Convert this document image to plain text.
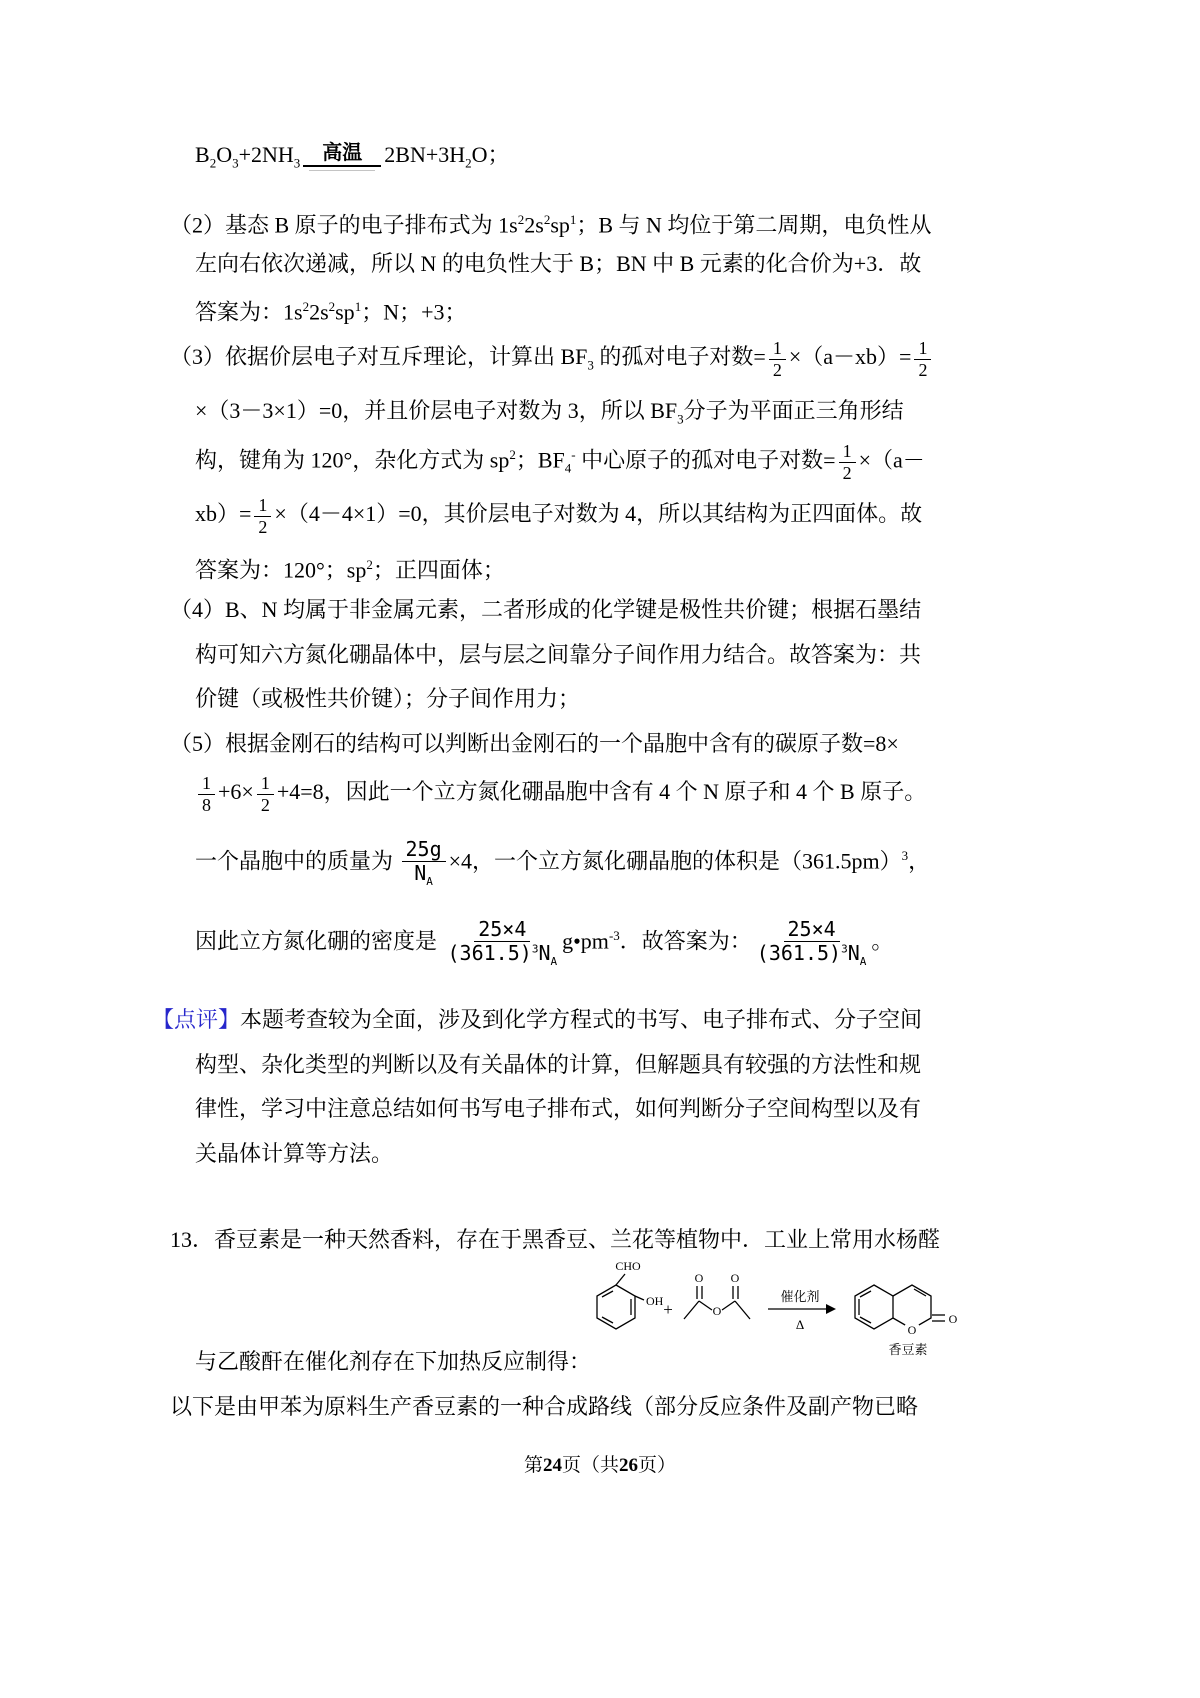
$B_2O_3+2NH_3$ 高温 $2BN+3H_2O$；
（2）基态 B 原子的电子排布式为 $1s^22s^2sp^1$；B 与 N 均位于第二周期，电负性从
左向右依次递减，所以 N 的电负性大于 B；BN 中 B 元素的化合价为+3．故
答案为：$1s^22s^2sp^1$；N；+3；
（3）依据价层电子对互斥理论，计算出 $BF_3$ 的孤对电子对数= $\frac{1}{2} \times(a-xb)= \frac{1}{2}$
×（3－3×1）=0，并且价层电子对数为 3，所以 $BF_3$分子为平面正三角形结
构，键角为 120°，杂化方式为 $sp^2$；$BF_4^-$ 中心原子的孤对电子对数= $\frac{1}{2} \times(a-$
$xb)= \frac{1}{2} \times(4-4\times 1)=0$，其价层电子对数为 4，所以其结构为正四面体。故
答案为：120°；$sp^2$；正四面体；
（4）B、N 均属于非金属元素，二者形成的化学键是极性共价键；根据石墨结
构可知六方氮化硼晶体中，层与层之间靠分子间作用力结合。故答案为：共
价键（或极性共价键）；分子间作用力；
（5）根据金刚石的结构可以判断出金刚石的一个晶胞中含有的碳原子数=8×
$\frac{1}{8} +6\times \frac{1}{2} +4=8$，因此一个立方氮化硼晶胞中含有 4 个 N 原子和 4 个 B 原子。
一个晶胞中的质量为 $\frac{25g}{N_A} \times 4$，一个立方氮化硼晶胞的体积是$(361.5pm)^3$，
因此立方氮化硼的密度是 $\frac{25\times 4}{(361.5)^3N_A}$ $g•pm^{-3}$．故答案为： $\frac{25\times 4}{(361.5)^3N_A}$ 。
【点评】本题考查较为全面，涉及到化学方程式的书写、电子排布式、分子空间
构型、杂化类型的判断以及有关晶体的计算，但解题具有较强的方法性和规
律性，学习中注意总结如何书写电子排布式，如何判断分子空间构型以及有
关晶体计算等方法。
13．香豆素是一种天然香料，存在于黑香豆、兰花等植物中．工业上常用水杨醛
与乙酸酐在催化剂存在下加热反应制得：
以下是由甲苯为原料生产香豆素的一种合成路线（部分反应条件及副产物已略
CHO
OH +
O
O
O
催化剂
Δ	O
O
香豆素
第24页（共26页）
